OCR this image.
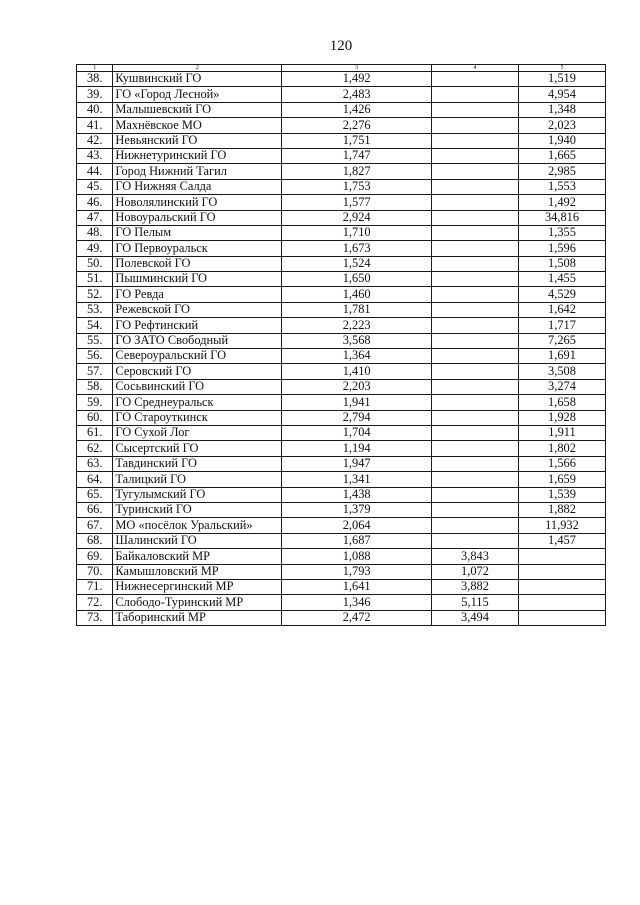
120
1	2	3	4	5
38.	Кушвинский ГО	1,492		1,519
39.	ГО «Город Лесной»	2,483		4,954
40.	Малышевский ГО	1,426		1,348
41.	Махнёвское МО	2,276		2,023
42.	Невьянский ГО	1,751		1,940
43.	Нижнетуринский ГО	1,747		1,665
44.	Город Нижний Тагил	1,827		2,985
45.	ГО Нижняя Салда	1,753		1,553
46.	Новолялинский ГО	1,577		1,492
47.	Новоуральский ГО	2,924		34,816
48.	ГО Пелым	1,710		1,355
49.	ГО Первоуральск	1,673		1,596
50.	Полевской ГО	1,524		1,508
51.	Пышминский ГО	1,650		1,455
52.	ГО Ревда	1,460		4,529
53.	Режевской ГО	1,781		1,642
54.	ГО Рефтинский	2,223		1,717
55.	ГО ЗАТО Свободный	3,568		7,265
56.	Североуральский ГО	1,364		1,691
57.	Серовский ГО	1,410		3,508
58.	Сосьвинский ГО	2,203		3,274
59.	ГО Среднеуральск	1,941		1,658
60.	ГО Староуткинск	2,794		1,928
61.	ГО Сухой Лог	1,704		1,911
62.	Сысертский ГО	1,194		1,802
63.	Тавдинский ГО	1,947		1,566
64.	Талицкий ГО	1,341		1,659
65.	Тугулымский ГО	1,438		1,539
66.	Туринский ГО	1,379		1,882
67.	МО «посёлок Уральский»	2,064		11,932
68.	Шалинский ГО	1,687		1,457
69.	Байкаловский МР	1,088	3,843	
70.	Камышловский МР	1,793	1,072	
71.	Нижнесергинский МР	1,641	3,882	
72.	Слободо-Туринский МР	1,346	5,115	
73.	Таборинский МР	2,472	3,494	
